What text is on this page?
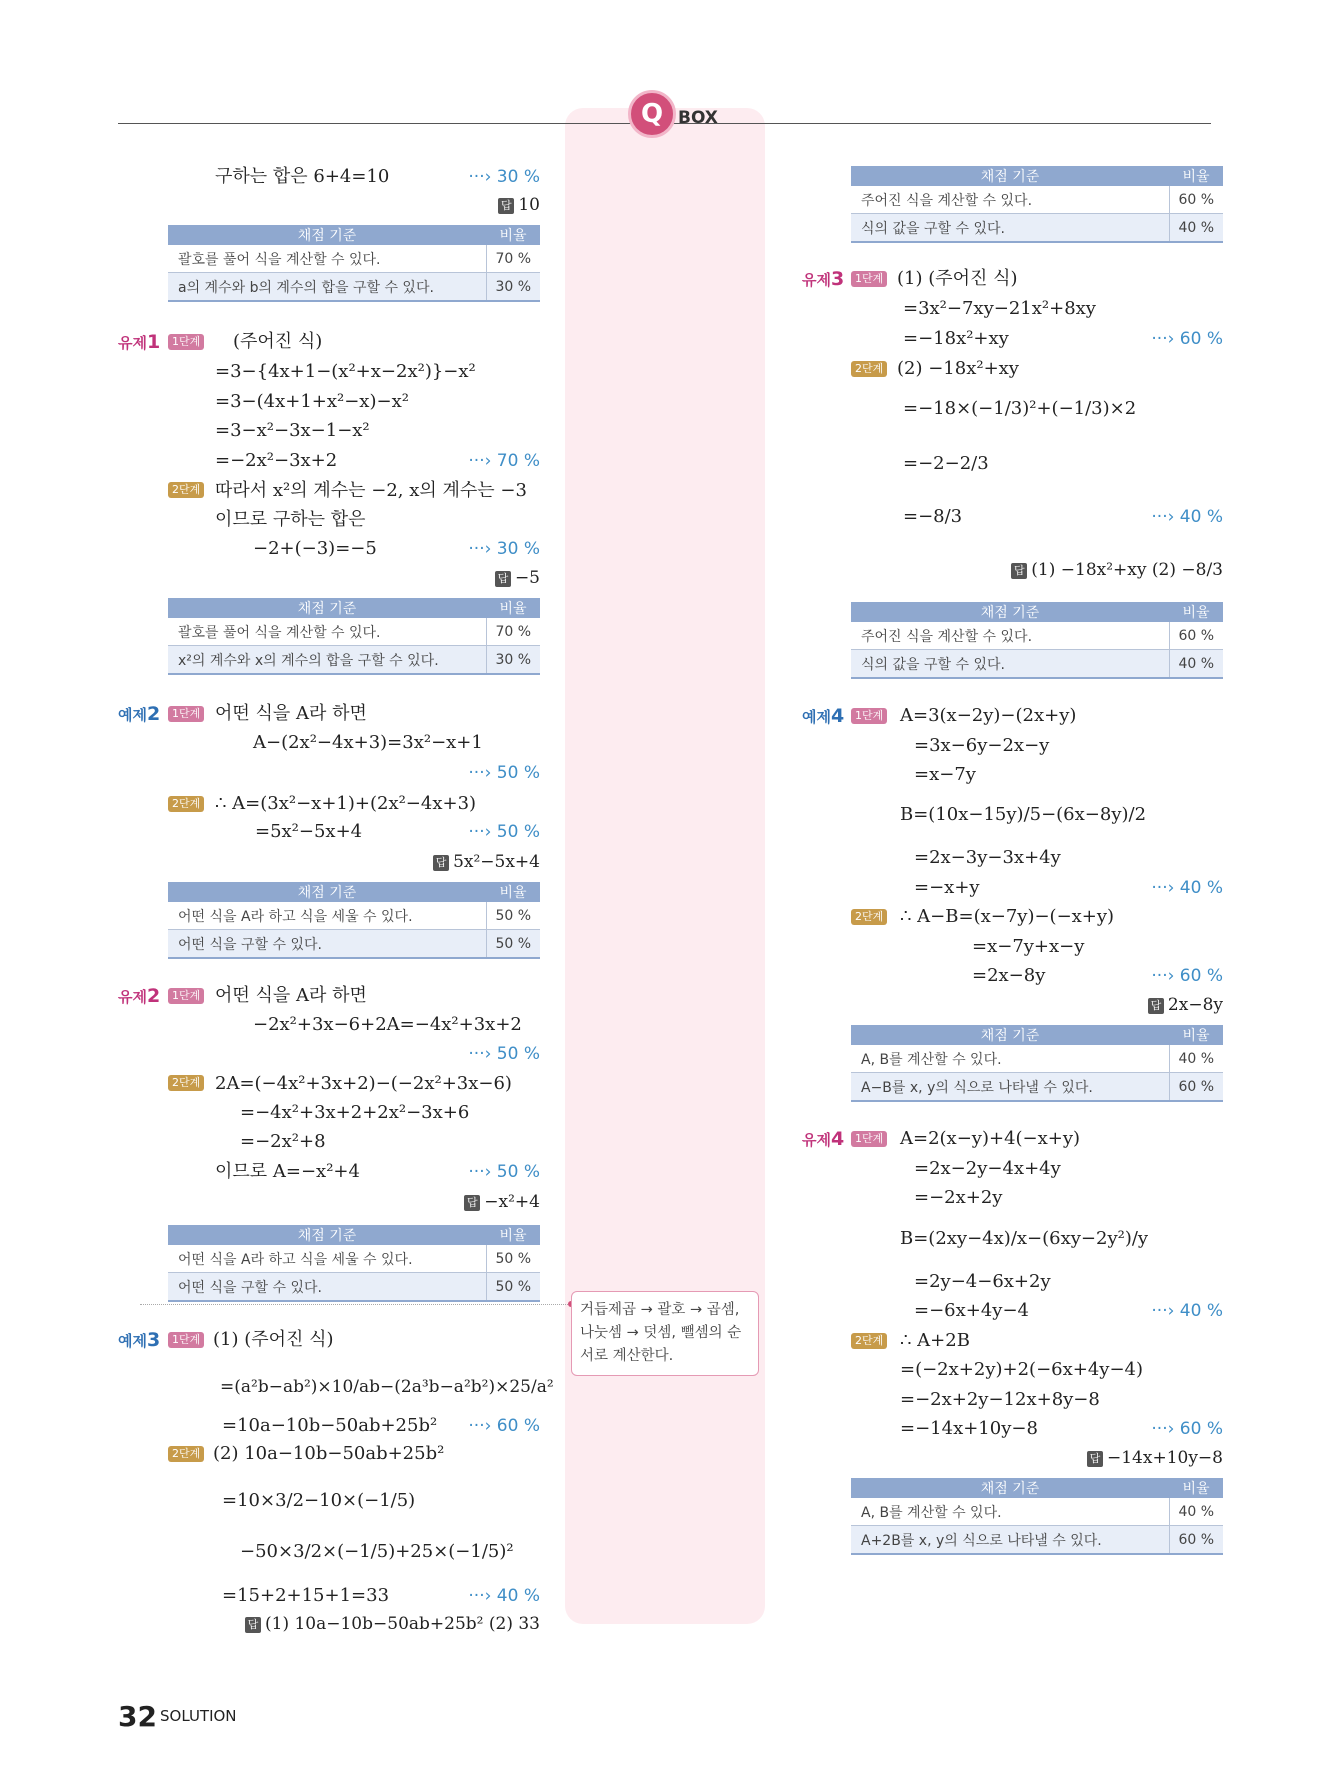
Q BOX
구하는 합은 6+4=10	···› 30 %
답 10
채점 기준	비율
괄호를 풀어 식을 계산할 수 있다.	70 %
a의 계수와 b의 계수의 합을 구할 수 있다.	30 %
유제1	1단계 (주어진 식)
=3−{4x+1−(x²+x−2x²)}−x²
=3−(4x+1+x²−x)−x²
=3−x²−3x−1−x²
=−2x²−3x+2	···› 70 %
2단계 따라서 x²의 계수는 −2, x의 계수는 −3
이므로 구하는 합은
−2+(−3)=−5	···› 30 %
답 −5
채점 기준	비율
괄호를 풀어 식을 계산할 수 있다.	70 %
x²의 계수와 x의 계수의 합을 구할 수 있다.	30 %
예제2	1단계 어떤 식을 A라 하면
A−(2x²−4x+3)=3x²−x+1
···› 50 %
2단계 ∴ A=(3x²−x+1)+(2x²−4x+3)
=5x²−5x+4	···› 50 %
답 5x²−5x+4
채점 기준	비율
어떤 식을 A라 하고 식을 세울 수 있다.	50 %
어떤 식을 구할 수 있다.	50 %
유제2	1단계 어떤 식을 A라 하면
−2x²+3x−6+2A=−4x²+3x+2
···› 50 %
2단계 2A=(−4x²+3x+2)−(−2x²+3x−6)
=−4x²+3x+2+2x²−3x+6
=−2x²+8
이므로 A=−x²+4	···› 50 %
답 −x²+4
채점 기준	비율
어떤 식을 A라 하고 식을 세울 수 있다.	50 %
어떤 식을 구할 수 있다.	50 %
예제3	1단계 (1) (주어진 식)
=(a²b−ab²)×10/ab−(2a³b−a²b²)×25/a²
=10a−10b−50ab+25b²	···› 60 %
2단계 (2) 10a−10b−50ab+25b²
=10×3/2−10×(−1/5)
−50×3/2×(−1/5)+25×(−1/5)²
=15+2+15+1=33	···› 40 %
답 (1) 10a−10b−50ab+25b² (2) 33
거듭제곱 → 괄호 → 곱셈, 나눗셈 → 덧셈, 뺄셈의 순서로 계산한다.
채점 기준	비율
주어진 식을 계산할 수 있다.	60 %
식의 값을 구할 수 있다.	40 %
유제3 1단계 (1) (주어진 식)
=3x²−7xy−21x²+8xy
=−18x²+xy	···› 60 %
2단계 (2) −18x²+xy
=−18×(−1/3)²+(−1/3)×2
=−2−2/3
=−8/3	···› 40 %
답 (1) −18x²+xy (2) −8/3
채점 기준	비율
주어진 식을 계산할 수 있다.	60 %
식의 값을 구할 수 있다.	40 %
예제4 1단계 A=3(x−2y)−(2x+y)
=3x−6y−2x−y
=x−7y
B=(10x−15y)/5−(6x−8y)/2
=2x−3y−3x+4y
=−x+y	···› 40 %
2단계 ∴ A−B=(x−7y)−(−x+y)
=x−7y+x−y
=2x−8y	···› 60 %
답 2x−8y
채점 기준	비율
A, B를 계산할 수 있다.	40 %
A−B를 x, y의 식으로 나타낼 수 있다.	60 %
유제4 1단계 A=2(x−y)+4(−x+y)
=2x−2y−4x+4y
=−2x+2y
B=(2xy−4x)/x−(6xy−2y²)/y
=2y−4−6x+2y
=−6x+4y−4	···› 40 %
2단계 ∴ A+2B
=(−2x+2y)+2(−6x+4y−4)
=−2x+2y−12x+8y−8
=−14x+10y−8	···› 60 %
답 −14x+10y−8
채점 기준	비율
A, B를 계산할 수 있다.	40 %
A+2B를 x, y의 식으로 나타낼 수 있다.	60 %
32 SOLUTION
